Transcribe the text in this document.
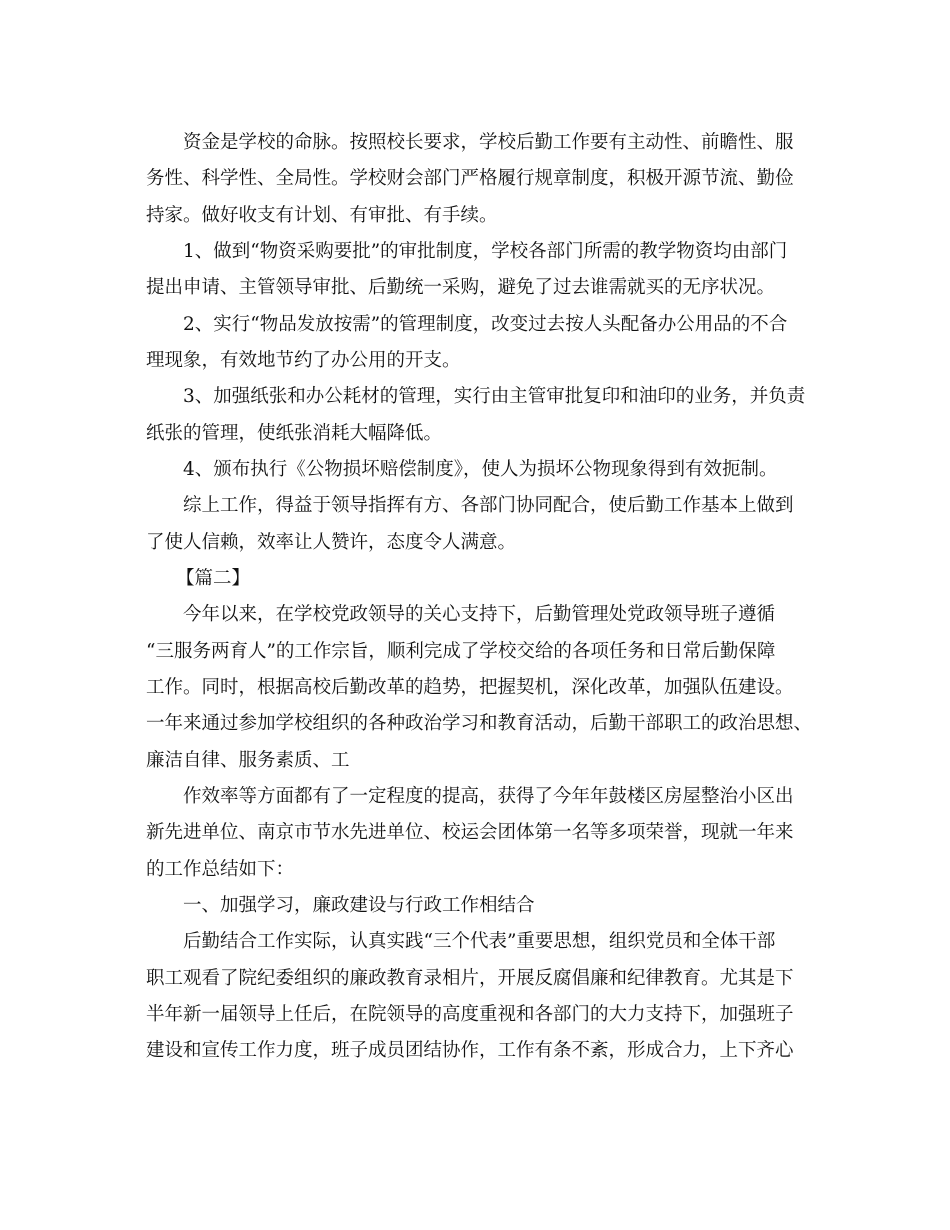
资金是学校的命脉。按照校长要求，学校后勤工作要有主动性、前瞻性、服

务性、科学性、全局性。学校财会部门严格履行规章制度，积极开源节流、勤俭

持家。做好收支有计划、有审批、有手续。

1、做到“物资采购要批”的审批制度，学校各部门所需的教学物资均由部门

提出申请、主管领导审批、后勤统一采购，避免了过去谁需就买的无序状况。

2、实行“物品发放按需”的管理制度，改变过去按人头配备办公用品的不合

理现象，有效地节约了办公用的开支。

3、加强纸张和办公耗材的管理，实行由主管审批复印和油印的业务，并负责

纸张的管理，使纸张消耗大幅降低。

4、颁布执行《公物损坏赔偿制度》，使人为损坏公物现象得到有效扼制。

综上工作，得益于领导指挥有方、各部门协同配合，使后勤工作基本上做到

了使人信赖，效率让人赞许，态度令人满意。

【篇二】

今年以来，在学校党政领导的关心支持下，后勤管理处党政领导班子遵循

“三服务两育人”的工作宗旨，顺利完成了学校交给的各项任务和日常后勤保障

工作。同时，根据高校后勤改革的趋势，把握契机，深化改革，加强队伍建设。

一年来通过参加学校组织的各种政治学习和教育活动，后勤干部职工的政治思想、

廉洁自律、服务素质、工

作效率等方面都有了一定程度的提高，获得了今年年鼓楼区房屋整治小区出

新先进单位、南京市节水先进单位、校运会团体第一名等多项荣誉，现就一年来

的工作总结如下：

一、加强学习，廉政建设与行政工作相结合

后勤结合工作实际，认真实践“三个代表”重要思想，组织党员和全体干部

职工观看了院纪委组织的廉政教育录相片，开展反腐倡廉和纪律教育。尤其是下

半年新一届领导上任后，在院领导的高度重视和各部门的大力支持下，加强班子

建设和宣传工作力度，班子成员团结协作，工作有条不紊，形成合力，上下齐心
